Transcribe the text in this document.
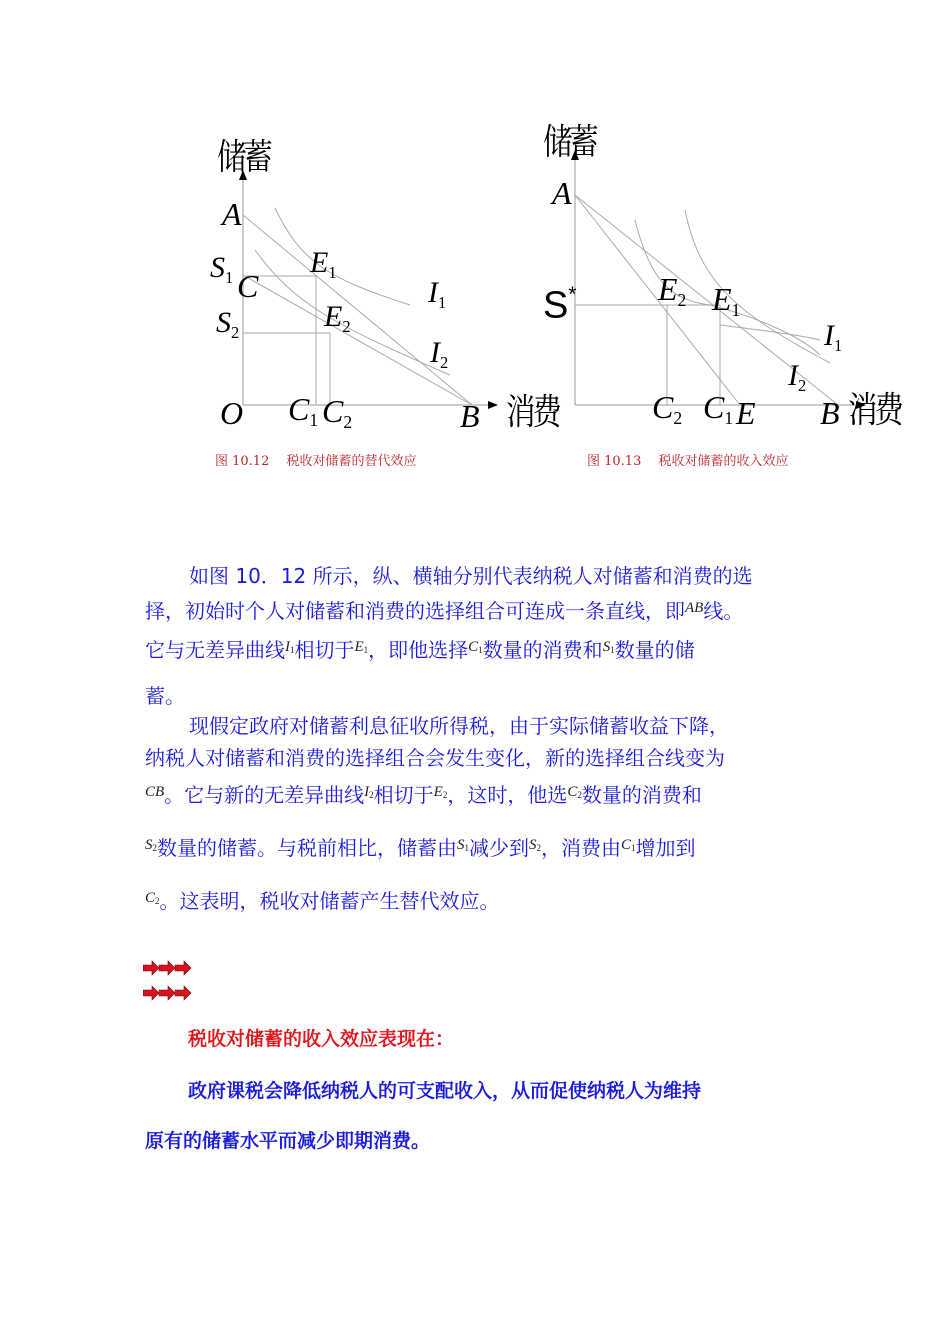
储蓄
A
$S_1$ C
$S_2$
O $C_1$ $C_2$	B
$E_1$
$E_2$
$I_1$
$I_2$
消费
图 10.12　 税收对储蓄的替代效应
储蓄
A
S*	$E_2$ $E_1$
$I_1$
$I_2$
$C_2$ $C_1$ E B 消费
图 10.13　 税收对储蓄的收入效应
如图 10．12 所示，纵、横轴分别代表纳税人对储蓄和消费的选
择，初始时个人对储蓄和消费的选择组合可连成一条直线，即$^{AB}$线。
它与无差异曲线$^{I_1}$相切于$^{E_1}$，即他选择$^{C_1}$数量的消费和$^{S_1}$数量的储
蓄。
现假定政府对储蓄利息征收所得税，由于实际储蓄收益下降，
纳税人对储蓄和消费的选择组合会发生变化，新的选择组合线变为
$^{CB}$。它与新的无差异曲线$^{I_2}$相切于$^{E_2}$，这时，他选$^{C_2}$数量的消费和
$^{S_2}$数量的储蓄。与税前相比，储蓄由$^{S_1}$减少到$^{S_2}$，消费由$^{C_1}$增加到
$^{C_2}$。这表明，税收对储蓄产生替代效应。
税收对储蓄的收入效应表现在：
政府课税会降低纳税人的可支配收入，从而促使纳税人为维持
原有的储蓄水平而减少即期消费。
